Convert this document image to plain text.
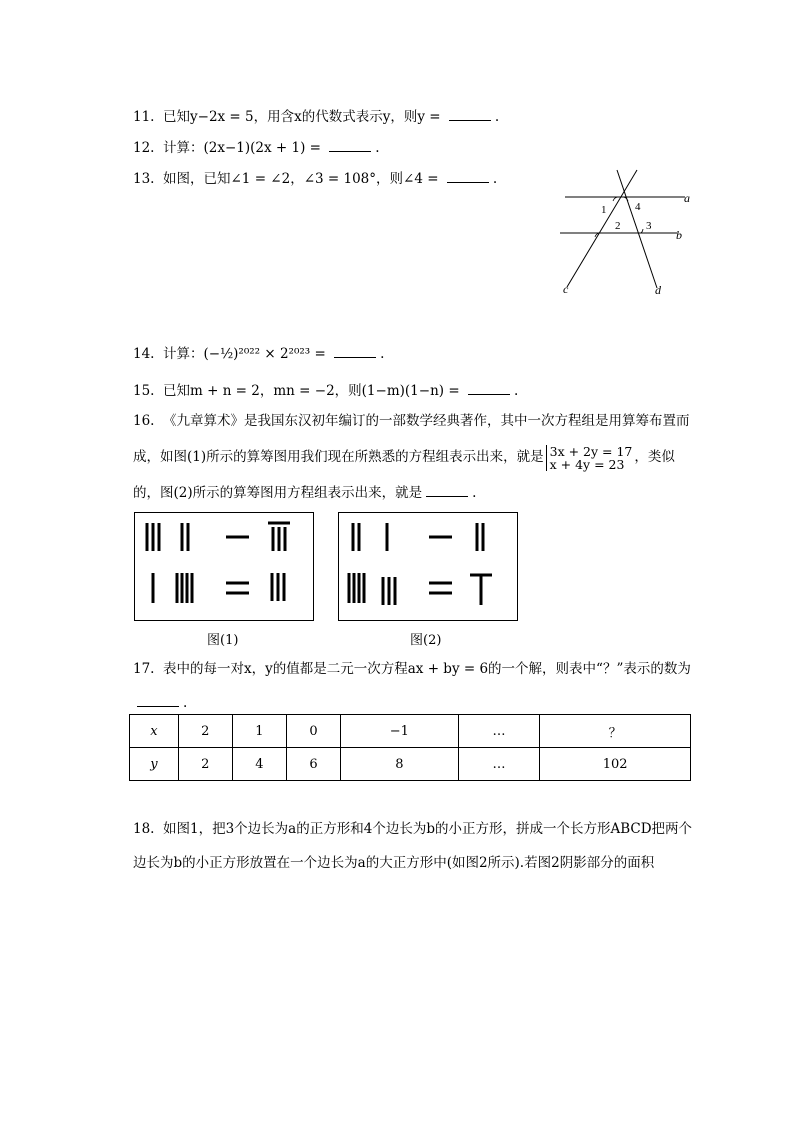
11. 已知y−2x = 5，用含x的代数式表示y，则y =	.
12. 计算：(2x−1)(2x + 1) =	.
13. 如图，已知∠1 = ∠2，∠3 = 108°，则∠4 =	.
a
b
c	d
1	4
2 3
14. 计算：(−½)²⁰²² × 2²⁰²³ =	.
15. 已知m + n = 2，mn = −2，则(1−m)(1−n) =	.
16. 《九章算术》是我国东汉初年编订的一部数学经典著作，其中一次方程组是用算筹布置而成，如图(1)所示的算筹图用我们现在所熟悉的方程组表示出来，就是 3x + 2y = 17
x + 4y = 23 ，类似的，图(2)所示的算筹图用方程组表示出来，就是	.
图(1)	图(2)
17. 表中的每一对x，y的值都是二元一次方程ax + by = 6的一个解，则表中“？”表示的数为.
x	2	1	0	−1	…	？
y	2	4	6	8	…	102
18. 如图1，把3个边长为a的正方形和4个边长为b的小正方形，拼成一个长方形ABCD把两个边长为b的小正方形放置在一个边长为a的大正方形中(如图2所示).若图2阴影部分的面积
